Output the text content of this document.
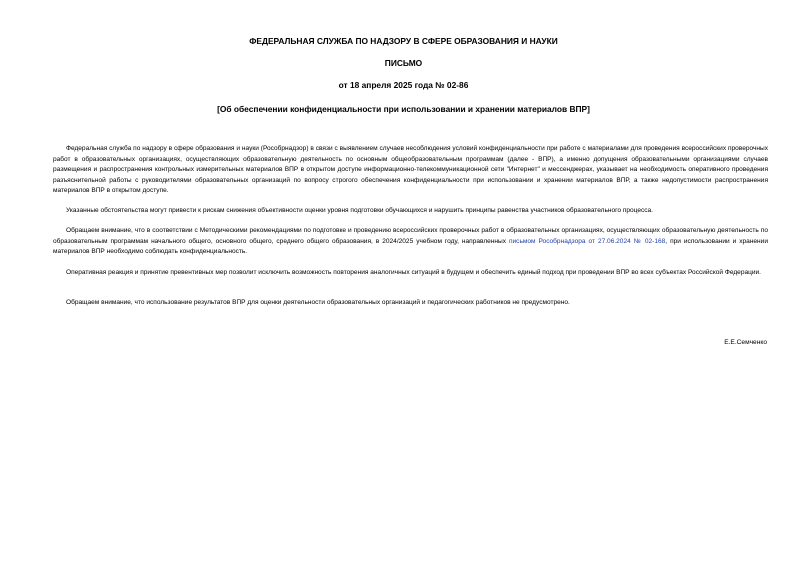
ФЕДЕРАЛЬНАЯ СЛУЖБА ПО НАДЗОРУ В СФЕРЕ ОБРАЗОВАНИЯ И НАУКИ
ПИСЬМО
от 18 апреля 2025 года № 02-86
[Об обеспечении конфиденциальности при использовании и хранении материалов ВПР]

Федеральная служба по надзору в сфере образования и науки (Рособрнадзор) в связи с выявлением случаев несоблюдения условий конфиденциальности при работе с материалами для проведения всероссийских проверочных работ в образовательных организациях, осуществляющих образовательную деятельность по основным общеобразовательным программам (далее - ВПР), а именно допущения образовательными организациями случаев размещения и распространения контрольных измерительных материалов ВПР в открытом доступе информационно-телекоммуникационной сети "Интернет" и мессенджерах, указывает на необходимость оперативного проведения разъяснительной работы с руководителями образовательных организаций по вопросу строгого обеспечения конфиденциальности при использовании и хранении материалов ВПР, а также недопустимости распространения материалов ВПР в открытом доступе.

Указанные обстоятельства могут привести к рискам снижения объективности оценки уровня подготовки обучающихся и нарушить принципы равенства участников образовательного процесса.

Обращаем внимание, что в соответствии с Методическими рекомендациями по подготовке и проведению всероссийских проверочных работ в образовательных организациях, осуществляющих образовательную деятельность по образовательным программам начального общего, основного общего, среднего общего образования, в 2024/2025 учебном году, направленных письмом Рособрнадзора от 27.06.2024 № 02-168, при использовании и хранении материалов ВПР необходимо соблюдать конфиденциальность.

Оперативная реакция и принятие превентивных мер позволит исключить возможность повторения аналогичных ситуаций в будущем и обеспечить единый подход при проведении ВПР во всех субъектах Российской Федерации.

Обращаем внимание, что использование результатов ВПР для оценки деятельности образовательных организаций и педагогических работников не предусмотрено.

Е.Е.Семченко
